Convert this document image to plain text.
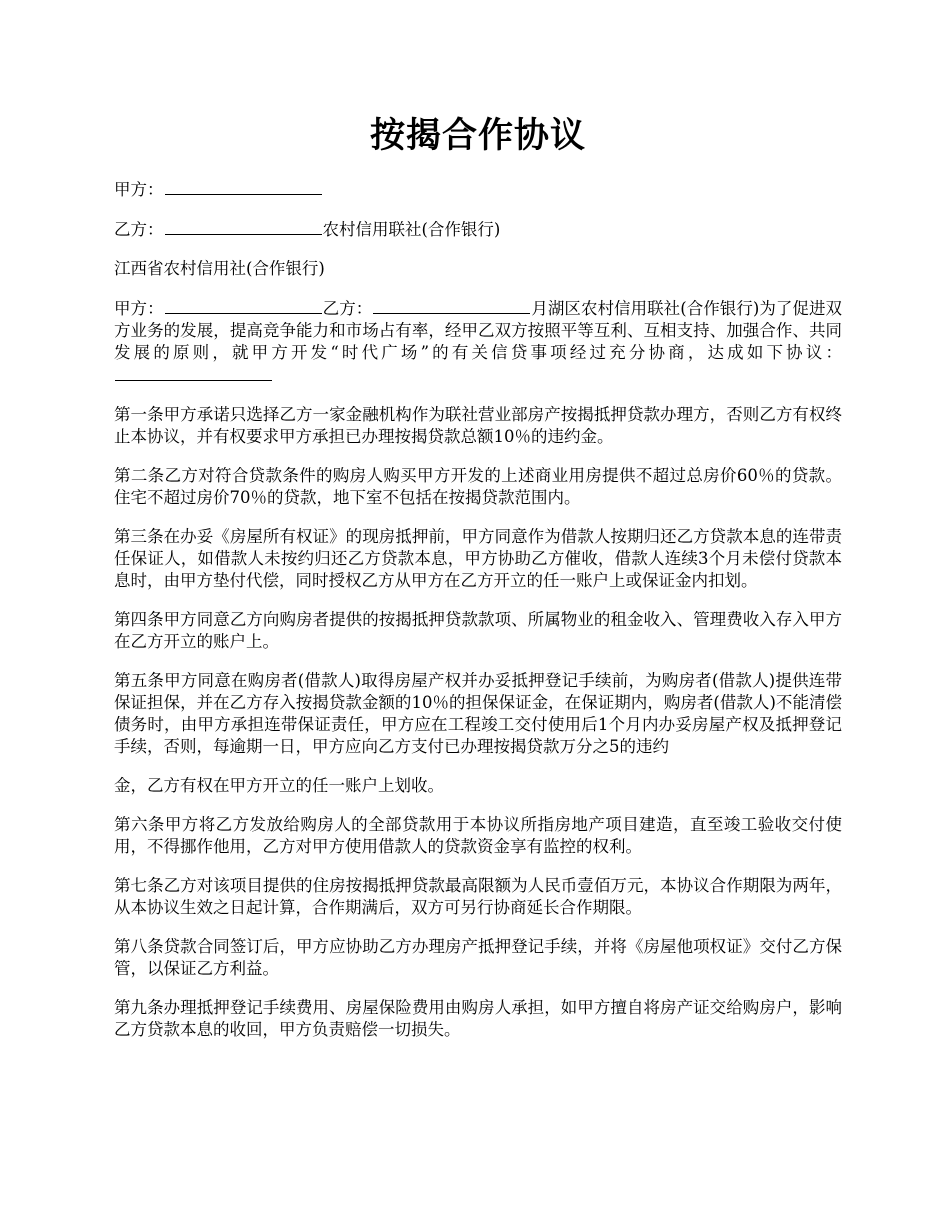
按揭合作协议

甲方：

乙方：	农村信用联社(合作银行)

江西省农村信用社(合作银行)

甲方：	乙方：	月湖区农村信用联社(合作银行)为了促进双方业务的发展，提高竞争能力和市场占有率，经甲乙双方按照平等互利、互相支持、加强合作、共同发展的原则，就甲方开发“时代广场”的有关信贷事项经过充分协商，达成如下协议：

第一条甲方承诺只选择乙方一家金融机构作为联社营业部房产按揭抵押贷款办理方，否则乙方有权终止本协议，并有权要求甲方承担已办理按揭贷款总额10％的违约金。

第二条乙方对符合贷款条件的购房人购买甲方开发的上述商业用房提供不超过总房价60％的贷款。住宅不超过房价70％的贷款，地下室不包括在按揭贷款范围内。

第三条在办妥《房屋所有权证》的现房抵押前，甲方同意作为借款人按期归还乙方贷款本息的连带责任保证人，如借款人未按约归还乙方贷款本息，甲方协助乙方催收，借款人连续3个月未偿付贷款本息时，由甲方垫付代偿，同时授权乙方从甲方在乙方开立的任一账户上或保证金内扣划。

第四条甲方同意乙方向购房者提供的按揭抵押贷款款项、所属物业的租金收入、管理费收入存入甲方在乙方开立的账户上。

第五条甲方同意在购房者(借款人)取得房屋产权并办妥抵押登记手续前，为购房者(借款人)提供连带保证担保，并在乙方存入按揭贷款金额的10％的担保保证金，在保证期内，购房者(借款人)不能清偿债务时，由甲方承担连带保证责任，甲方应在工程竣工交付使用后1个月内办妥房屋产权及抵押登记手续，否则，每逾期一日，甲方应向乙方支付已办理按揭贷款万分之5的违约

金，乙方有权在甲方开立的任一账户上划收。

第六条甲方将乙方发放给购房人的全部贷款用于本协议所指房地产项目建造，直至竣工验收交付使用，不得挪作他用，乙方对甲方使用借款人的贷款资金享有监控的权利。

第七条乙方对该项目提供的住房按揭抵押贷款最高限额为人民币壹佰万元，本协议合作期限为两年，从本协议生效之日起计算，合作期满后，双方可另行协商延长合作期限。

第八条贷款合同签订后，甲方应协助乙方办理房产抵押登记手续，并将《房屋他项权证》交付乙方保管，以保证乙方利益。

第九条办理抵押登记手续费用、房屋保险费用由购房人承担，如甲方擅自将房产证交给购房户，影响乙方贷款本息的收回，甲方负责赔偿一切损失。
